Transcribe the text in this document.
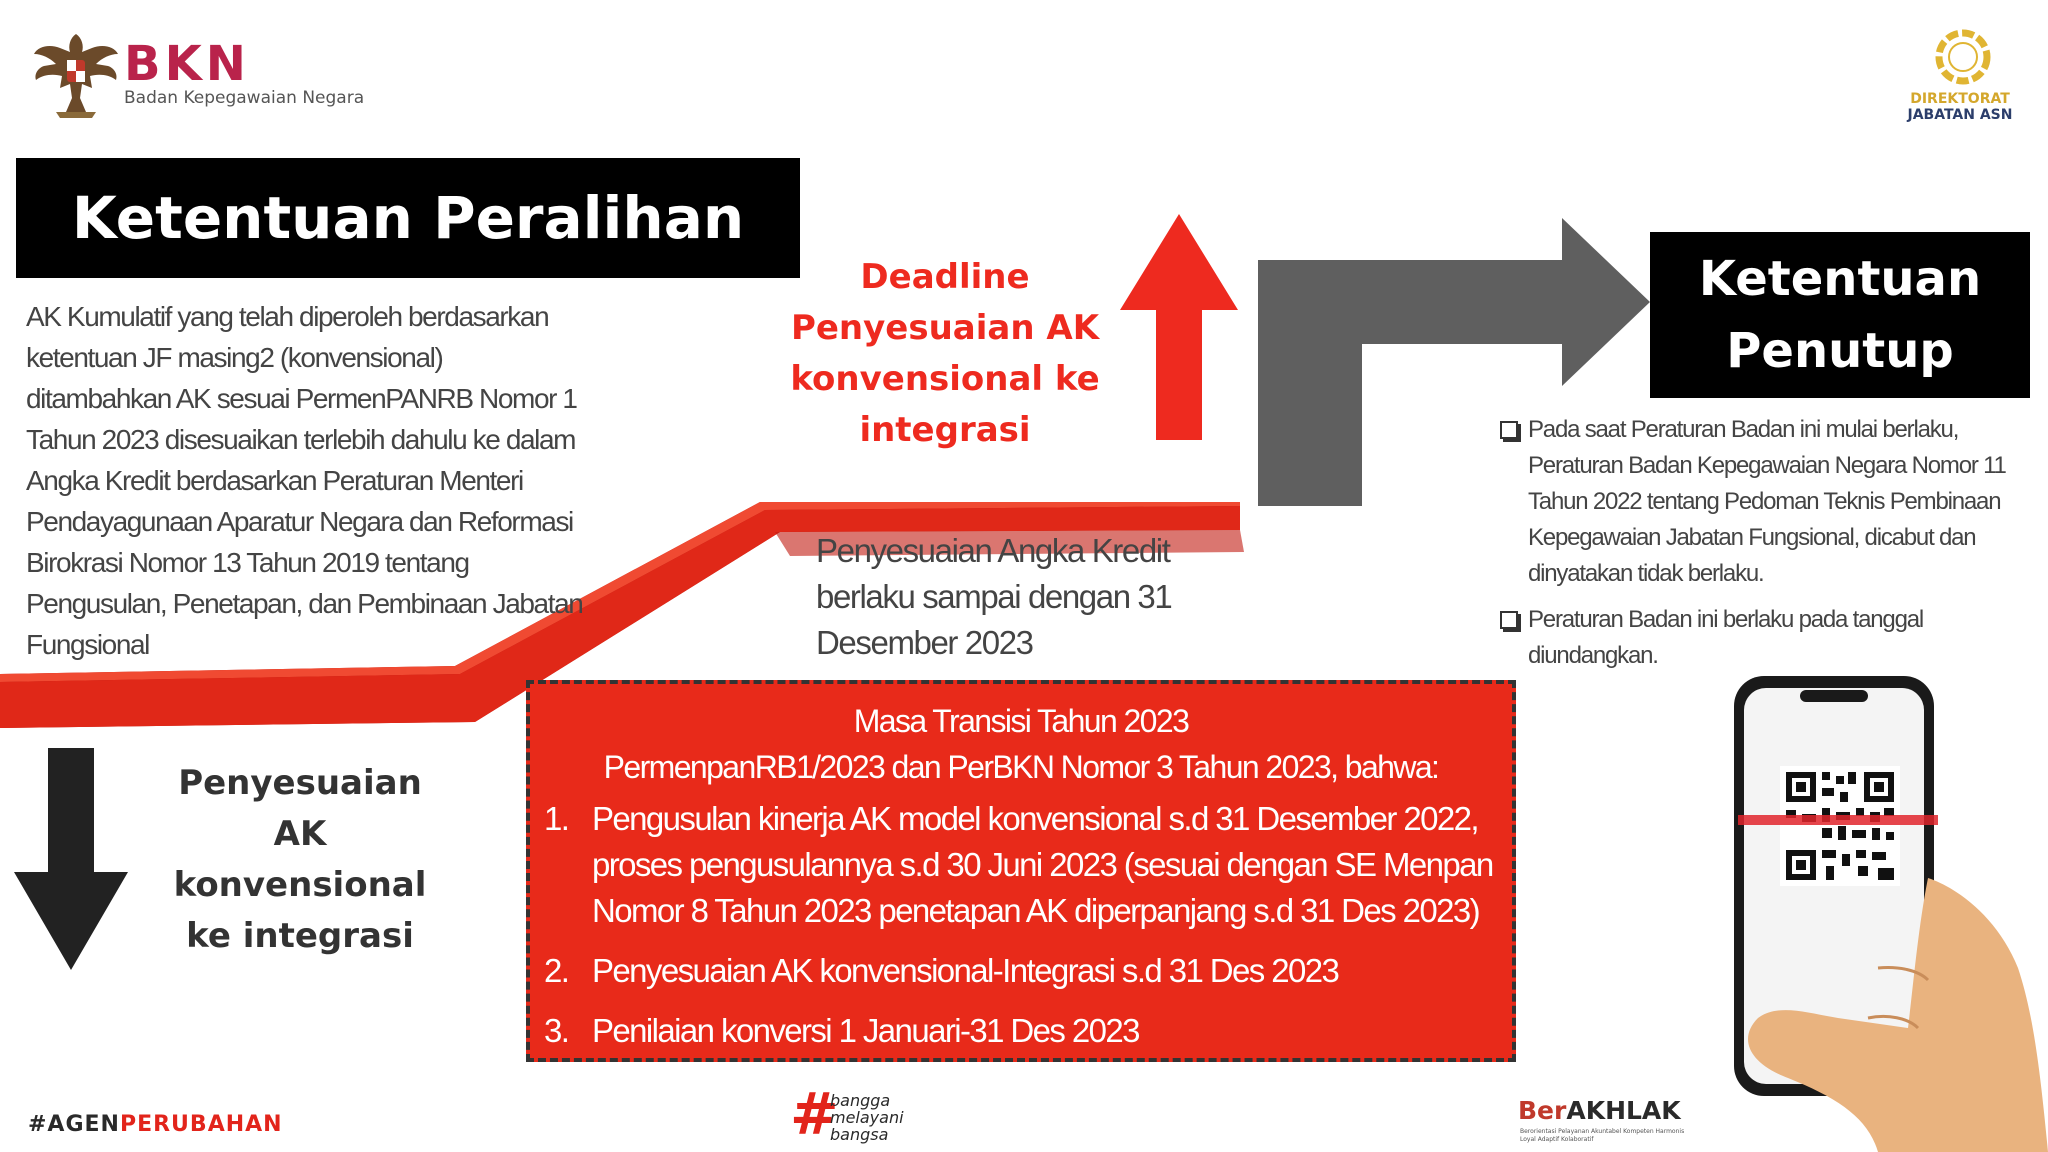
BKN
Badan Kepegawaian Negara	DIREKTORAT
JABATAN ASN
Ketentuan Peralihan
AK Kumulatif yang telah diperoleh berdasarkan ketentuan JF masing2 (konvensional) ditambahkan AK sesuai PermenPANRB Nomor 1 Tahun 2023 disesuaikan terlebih dahulu ke dalam Angka Kredit berdasarkan Peraturan Menteri Pendayagunaan Aparatur Negara dan Reformasi Birokrasi Nomor 13 Tahun 2019 tentang Pengusulan, Penetapan, dan Pembinaan Jabatan Fungsional
Penyesuaian AK konvensional ke integrasi
Deadline Penyesuaian AK konvensional ke integrasi
Penyesuaian Angka Kredit berlaku sampai dengan 31 Desember 2023
Masa Transisi Tahun 2023
PermenpanRB1/2023 dan PerBKN Nomor 3 Tahun 2023, bahwa:
1. Pengusulan kinerja AK model konvensional s.d 31 Desember 2022, proses pengusulannya s.d 30 Juni 2023 (sesuai dengan SE Menpan Nomor 8 Tahun 2023 penetapan AK diperpanjang s.d 31 Des 2023)
2. Penyesuaian AK konvensional-Integrasi s.d 31 Des 2023
3. Penilaian konversi 1 Januari-31 Des 2023
Ketentuan
Penutup
Pada saat Peraturan Badan ini mulai berlaku, Peraturan Badan Kepegawaian Negara Nomor 11 Tahun 2022 tentang Pedoman Teknis Pembinaan Kepegawaian Jabatan Fungsional, dicabut dan dinyatakan tidak berlaku.
Peraturan Badan ini berlaku pada tanggal diundangkan.
#AGENPERUBAHAN	#
bangga
melayani
bangsa
BerAKHLAK
Berorientasi Pelayanan Akuntabel Kompeten Harmonis Loyal Adaptif Kolaboratif
